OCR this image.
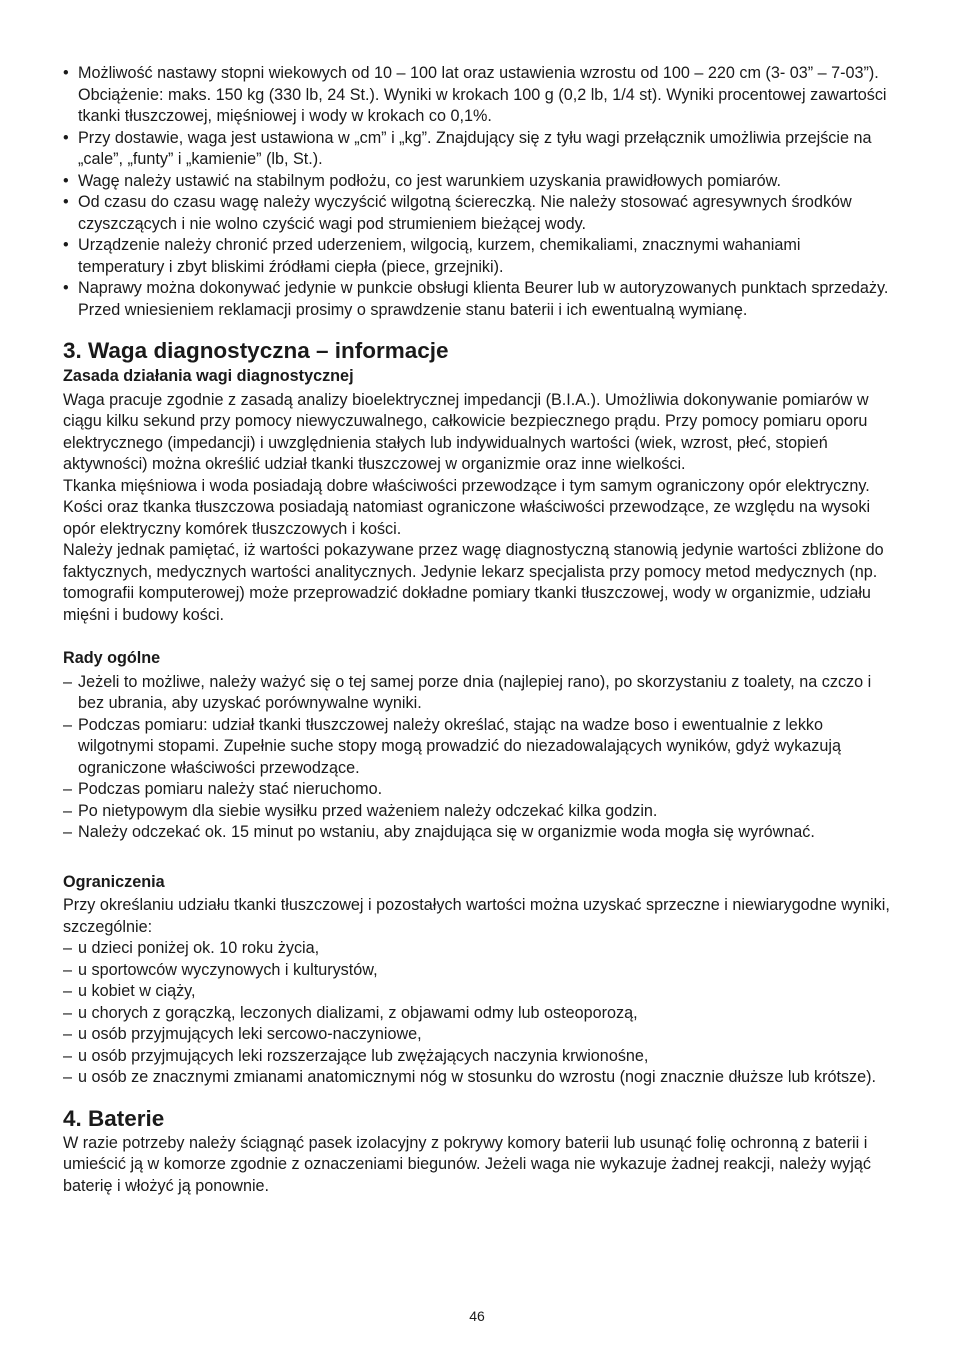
• Możliwość nastawy stopni wiekowych od 10 – 100 lat oraz ustawienia wzrostu od 100 – 220 cm (3- 03” – 7-03”). Obciążenie: maks. 150 kg (330 lb, 24 St.). Wyniki w krokach 100 g (0,2 lb, 1/4 st). Wyniki procentowej zawartości tkanki tłuszczowej, mięśniowej i wody w krokach co 0,1%.
• Przy dostawie, waga jest ustawiona w „cm” i „kg”. Znajdujący się z tyłu wagi przełącznik umożliwia przejście na „cale”, „funty” i „kamienie” (lb, St.).
• Wagę należy ustawić na stabilnym podłożu, co jest warunkiem uzyskania prawidłowych pomiarów.
• Od czasu do czasu wagę należy wyczyścić wilgotną ściereczką. Nie należy stosować agresywnych środków czyszczących i nie wolno czyścić wagi pod strumieniem bieżącej wody.
• Urządzenie należy chronić przed uderzeniem, wilgocią, kurzem, chemikaliami, znacznymi wahaniami temperatury i zbyt bliskimi źródłami ciepła (piece, grzejniki).
• Naprawy można dokonywać jedynie w punkcie obsługi klienta Beurer lub w autoryzowanych punktach sprzedaży. Przed wniesieniem reklamacji prosimy o sprawdzenie stanu baterii i ich ewentualną wymianę.
3. Waga diagnostyczna – informacje
Zasada działania wagi diagnostycznej

Waga pracuje zgodnie z zasadą analizy bioelektrycznej impedancji (B.I.A.). Umożliwia dokonywanie pomiarów w ciągu kilku sekund przy pomocy niewyczuwalnego, całkowicie bezpiecznego prądu. Przy pomocy pomiaru oporu elektrycznego (impedancji) i uwzględnienia stałych lub indywidualnych wartości (wiek, wzrost, płeć, stopień aktywności) można określić udział tkanki tłuszczowej w organizmie oraz inne wielkości.

Tkanka mięśniowa i woda posiadają dobre właściwości przewodzące i tym samym ograniczony opór elektryczny.

Kości oraz tkanka tłuszczowa posiadają natomiast ograniczone właściwości przewodzące, ze względu na wysoki opór elektryczny komórek tłuszczowych i kości.

Należy jednak pamiętać, iż wartości pokazywane przez wagę diagnostyczną stanowią jedynie wartości zbliżone do faktycznych, medycznych wartości analitycznych. Jedynie lekarz specjalista przy pomocy metod medycznych (np. tomografii komputerowej) może przeprowadzić dokładne pomiary tkanki tłuszczowej, wody w organizmie, udziału mięśni i budowy kości.

Rady ogólne
– Jeżeli to możliwe, należy ważyć się o tej samej porze dnia (najlepiej rano), po skorzystaniu z toalety, na czczo i bez ubrania, aby uzyskać porównywalne wyniki.
– Podczas pomiaru: udział tkanki tłuszczowej należy określać, stając na wadze boso i ewentualnie z lekko wilgotnymi stopami. Zupełnie suche stopy mogą prowadzić do niezadowalających wyników, gdyż wykazują ograniczone właściwości przewodzące.
– Podczas pomiaru należy stać nieruchomo.
– Po nietypowym dla siebie wysiłku przed ważeniem należy odczekać kilka godzin.
– Należy odczekać ok. 15 minut po wstaniu, aby znajdująca się w organizmie woda mogła się wyrównać.
Ograniczenia

Przy określaniu udziału tkanki tłuszczowej i pozostałych wartości można uzyskać sprzeczne i niewiarygodne wyniki, szczególnie:

– u dzieci poniżej ok. 10 roku życia,
– u sportowców wyczynowych i kulturystów,
– u kobiet w ciąży,
– u chorych z gorączką, leczonych dializami, z objawami odmy lub osteoporozą,
– u osób przyjmujących leki sercowo-naczyniowe,
– u osób przyjmujących leki rozszerzające lub zwężających naczynia krwionośne,
– u osób ze znacznymi zmianami anatomicznymi nóg w stosunku do wzrostu (nogi znacznie dłuższe lub krótsze).
4. Baterie

W razie potrzeby należy ściągnąć pasek izolacyjny z pokrywy komory baterii lub usunąć folię ochronną z baterii i umieścić ją w komorze zgodnie z oznaczeniami biegunów. Jeżeli waga nie wykazuje żadnej reakcji, należy wyjąć baterię i włożyć ją ponownie.

46
